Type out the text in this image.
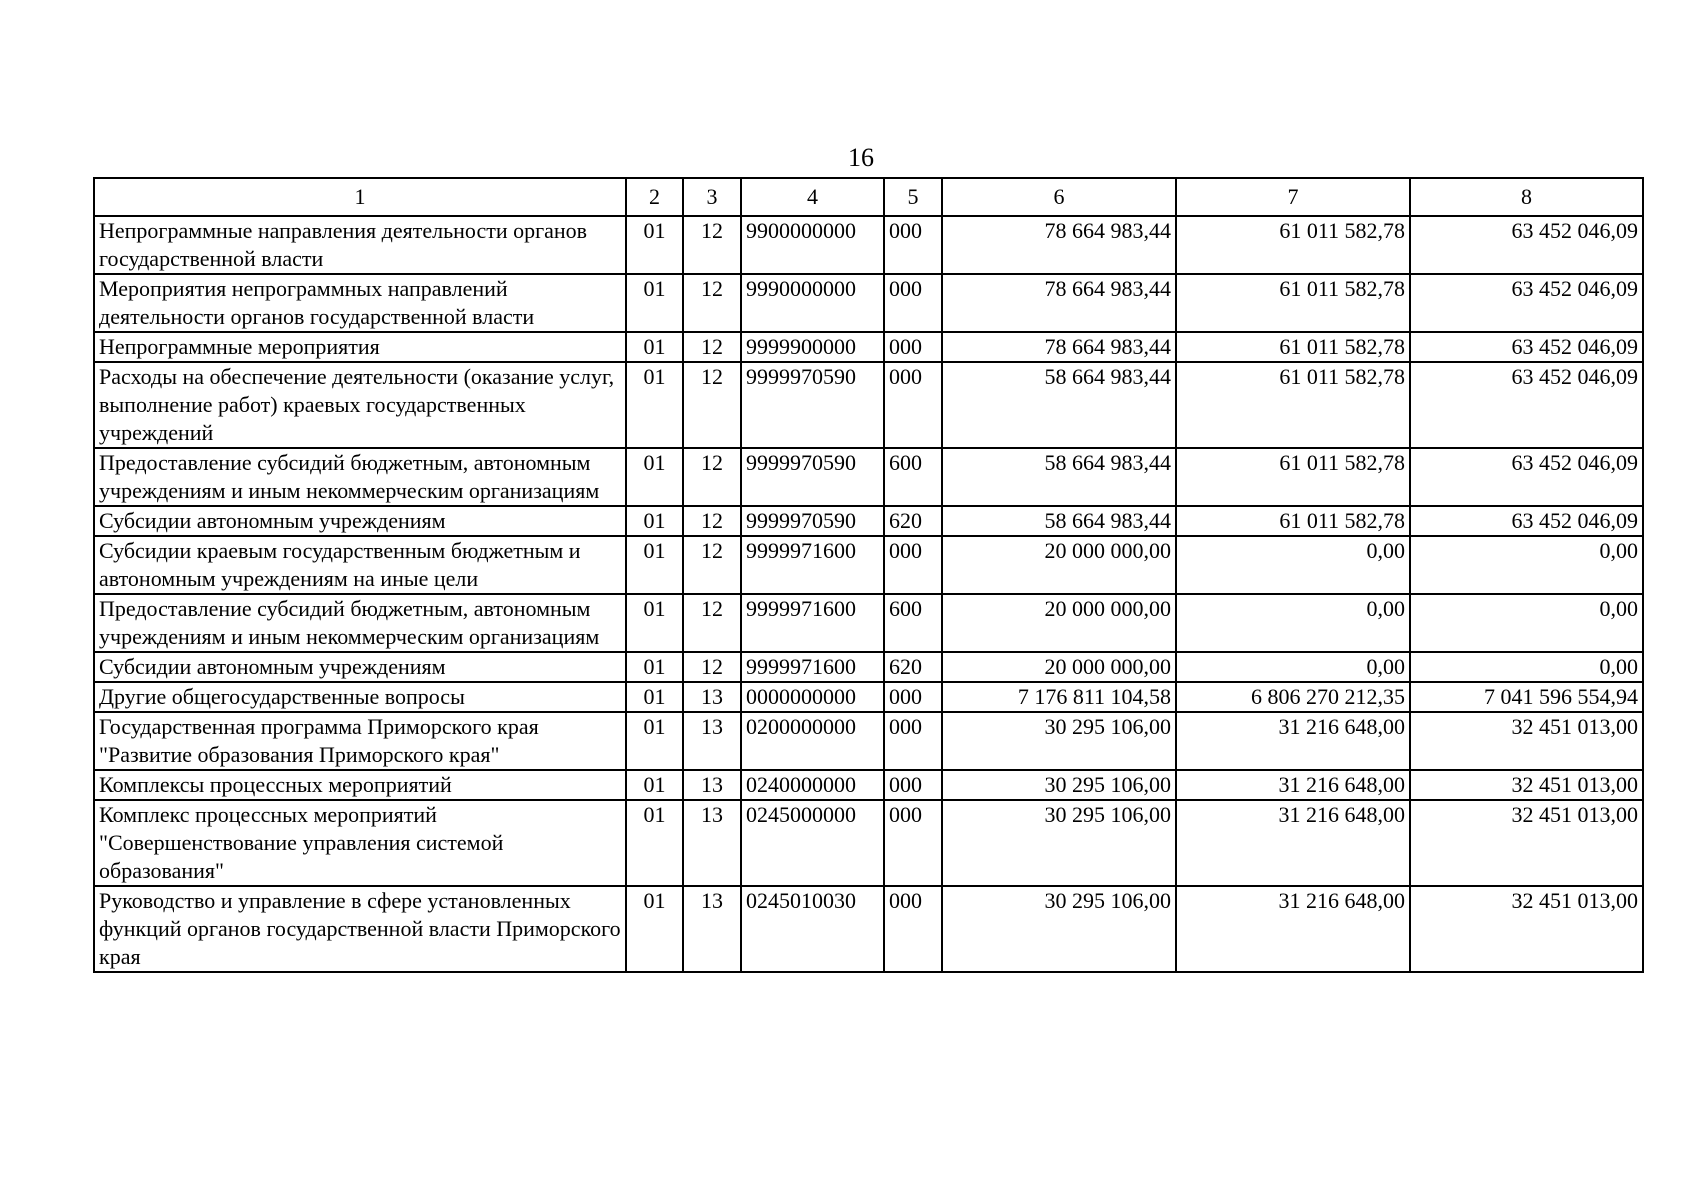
16
1	2	3	4	5	6	7	8
Непрограммные направления деятельности органов государственной власти	01	12	9900000000	000	78 664 983,44	61 011 582,78	63 452 046,09
Мероприятия непрограммных направлений деятельности органов государственной власти	01	12	9990000000	000	78 664 983,44	61 011 582,78	63 452 046,09
Непрограммные мероприятия	01	12	9999900000	000	78 664 983,44	61 011 582,78	63 452 046,09
Расходы на обеспечение деятельности (оказание услуг, выполнение работ) краевых государственных учреждений	01	12	9999970590	000	58 664 983,44	61 011 582,78	63 452 046,09
Предоставление субсидий бюджетным, автономным учреждениям и иным некоммерческим организациям	01	12	9999970590	600	58 664 983,44	61 011 582,78	63 452 046,09
Субсидии автономным учреждениям	01	12	9999970590	620	58 664 983,44	61 011 582,78	63 452 046,09
Субсидии краевым государственным бюджетным и автономным учреждениям на иные цели	01	12	9999971600	000	20 000 000,00	0,00	0,00
Предоставление субсидий бюджетным, автономным учреждениям и иным некоммерческим организациям	01	12	9999971600	600	20 000 000,00	0,00	0,00
Субсидии автономным учреждениям	01	12	9999971600	620	20 000 000,00	0,00	0,00
Другие общегосударственные вопросы	01	13	0000000000	000	7 176 811 104,58	6 806 270 212,35	7 041 596 554,94
Государственная программа Приморского края "Развитие образования Приморского края"	01	13	0200000000	000	30 295 106,00	31 216 648,00	32 451 013,00
Комплексы процессных мероприятий	01	13	0240000000	000	30 295 106,00	31 216 648,00	32 451 013,00
Комплекс процессных мероприятий "Совершенствование управления системой образования"	01	13	0245000000	000	30 295 106,00	31 216 648,00	32 451 013,00
Руководство и управление в сфере установленных функций органов государственной власти Приморского края	01	13	0245010030	000	30 295 106,00	31 216 648,00	32 451 013,00
